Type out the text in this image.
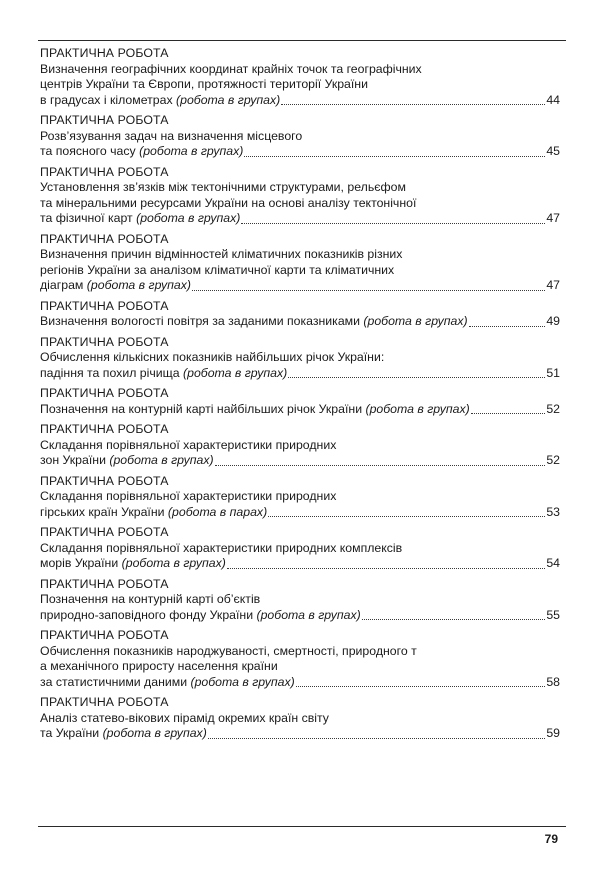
ПРАКТИЧНА РОБОТА
Визначення географічних координат крайніх точок та географічних
центрів України та Європи, протяжності території України
в градусах і кілометрах (робота в групах)	44
ПРАКТИЧНА РОБОТА
Розв’язування задач на визначення місцевого
та поясного часу (робота в групах)	45
ПРАКТИЧНА РОБОТА
Установлення зв’язків між тектонічними структурами, рельєфом
та мінеральними ресурсами України на основі аналізу тектонічної
та фізичної карт (робота в групах)	47
ПРАКТИЧНА РОБОТА
Визначення причин відмінностей кліматичних показників різних
регіонів України за аналізом кліматичної карти та кліматичних
діаграм (робота в групах)	47
ПРАКТИЧНА РОБОТА
Визначення вологості повітря за заданими показниками (робота в групах)	49
ПРАКТИЧНА РОБОТА
Обчислення кількісних показників найбільших річок України:
падіння та похил річища (робота в групах)	51
ПРАКТИЧНА РОБОТА
Позначення на контурній карті найбільших річок України (робота в групах)	52
ПРАКТИЧНА РОБОТА
Складання порівняльної характеристики природних
зон України (робота в групах)	52
ПРАКТИЧНА РОБОТА
Складання порівняльної характеристики природних
гірських країн України (робота в парах)	53
ПРАКТИЧНА РОБОТА
Складання порівняльної характеристики природних комплексів
морів України (робота в групах)	54
ПРАКТИЧНА РОБОТА
Позначення на контурній карті об’єктів
природно-заповідного фонду України (робота в групах)	55
ПРАКТИЧНА РОБОТА
Обчислення показників народжуваності, смертності, природного т
а механічного приросту населення країни
за статистичними даними (робота в групах)	58
ПРАКТИЧНА РОБОТА
Аналіз статево-вікових пірамід окремих країн світу
та України (робота в групах)	59
79
